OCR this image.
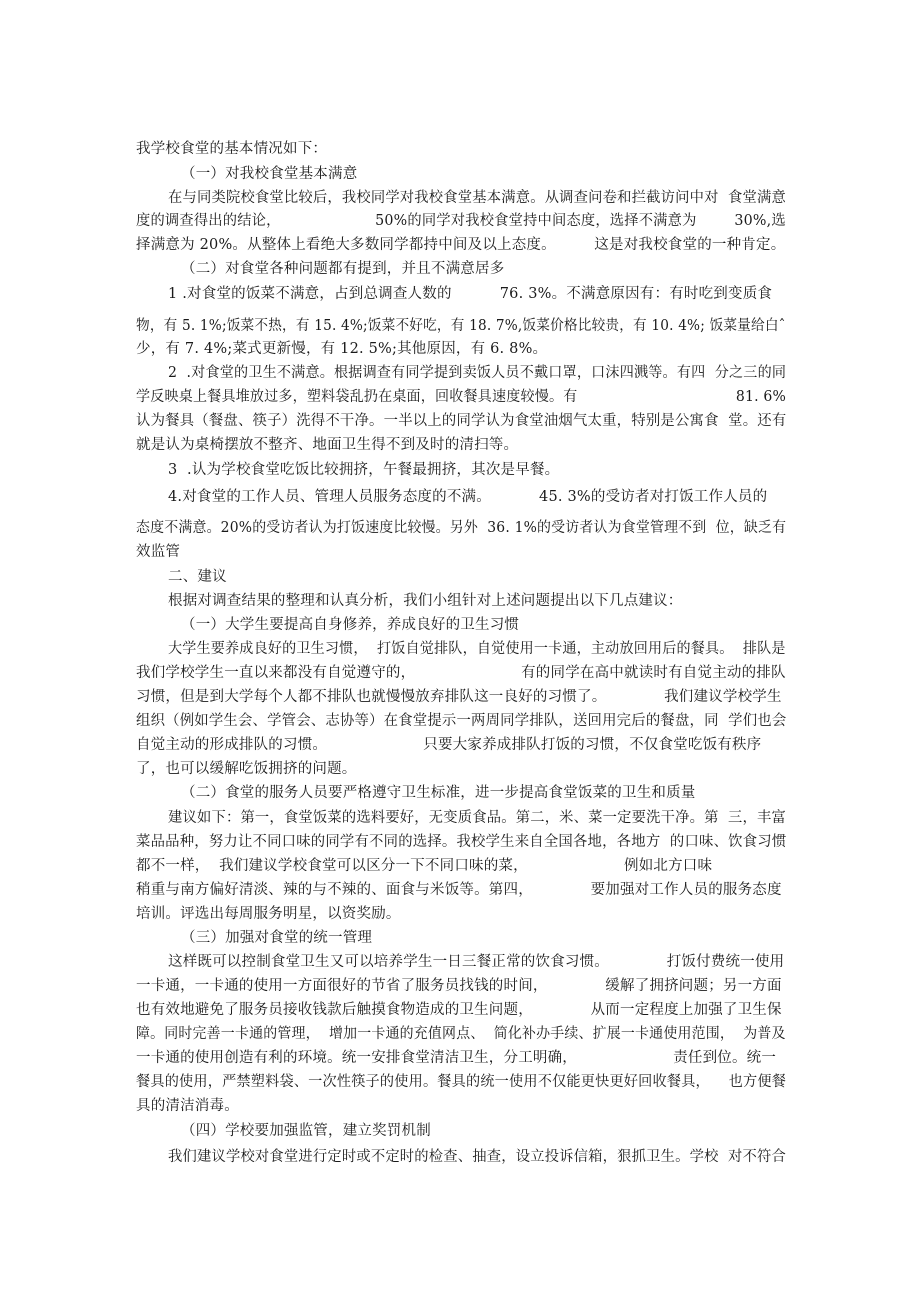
我学校食堂的基本情况如下：
（一）对我校食堂基本满意
在与同类院校食堂比较后，我校同学对我校食堂基本满意。从调查问卷和拦截访问中对  食堂满意
度的调查得出的结论，                    50%的同学对我校食堂持中间态度，选择不满意为        30%,选
择满意为 20%。从整体上看绝大多数同学都持中间及以上态度。        这是对我校食堂的一种肯定。
（二）对食堂各种问题都有提到，并且不满意居多
1 .对食堂的饭菜不满意，占到总调查人数的          76. 3%。不满意原因有：有时吃到变质食
物，有 5. 1%;饭菜不热，有 15. 4%;饭菜不好吃，有 18. 7%,饭菜价格比较贵，有 10. 4%; 饭菜量给白ˆ
少，有 7. 4%;菜式更新慢，有 12. 5%;其他原因，有 6. 8%。
2  .对食堂的卫生不满意。根据调查有同学提到卖饭人员不戴口罩，口沫四溅等。有四  分之三的同
学反映桌上餐具堆放过多，塑料袋乱扔在桌面，回收餐具速度较慢。有                                  81. 6%
认为餐具（餐盘、筷子）洗得不干净。一半以上的同学认为食堂油烟气太重，特别是公寓食  堂。还有
就是认为桌椅摆放不整齐、地面卫生得不到及时的清扫等。
3  .认为学校食堂吃饭比较拥挤，午餐最拥挤，其次是早餐。
4.对食堂的工作人员、管理人员服务态度的不满。          45. 3%的受访者对打饭工作人员的
态度不满意。20%的受访者认为打饭速度比较慢。另外  36. 1%的受访者认为食堂管理不到  位，缺乏有
效监管
二、建议
根据对调查结果的整理和认真分析，我们小组针对上述问题提出以下几点建议：
（一）大学生要提高自身修养，养成良好的卫生习惯
大学生要养成良好的卫生习惯，  打饭自觉排队，自觉使用一卡通，主动放回用后的餐具。  排队是
我们学校学生一直以来都没有自觉遵守的，                      有的同学在高中就读时有自觉主动的排队
习惯，但是到大学每个人都不排队也就慢慢放弃排队这一良好的习惯了。            我们建议学校学生
组织（例如学生会、学管会、志协等）在食堂提示一两周同学排队，送回用完后的餐盘，同  学们也会
自觉主动的形成排队的习惯。                    只要大家养成排队打饭的习惯，不仅食堂吃饭有秩序
了，也可以缓解吃饭拥挤的问题。
（二）食堂的服务人员要严格遵守卫生标准，进一步提高食堂饭菜的卫生和质量
建议如下：第一，食堂饭菜的选料要好，无变质食品。第二，米、菜一定要洗干净。第  三，丰富
菜品品种，努力让不同口味的同学有不同的选择。我校学生来自全国各地，各地方  的口味、饮食习惯
都不一样，  我们建议学校食堂可以区分一下不同口味的菜，                    例如北方口味
稍重与南方偏好清淡、辣的与不辣的、面食与米饭等。第四，            要加强对工作人员的服务态度
培训。评选出每周服务明星，以资奖励。
（三）加强对食堂的统一管理
这样既可以控制食堂卫生又可以培养学生一日三餐正常的饮食习惯。            打饭付费统一使用
一卡通，一卡通的使用一方面很好的节省了服务员找钱的时间，            缓解了拥挤问题；另一方面
也有效地避免了服务员接收钱款后触摸食物造成的卫生问题，            从而一定程度上加强了卫生保
障。同时完善一卡通的管理，  增加一卡通的充值网点、  简化补办手续、扩展一卡通使用范围，  为普及
一卡通的使用创造有利的环境。统一安排食堂清洁卫生，分工明确，                    责任到位。统一
餐具的使用，严禁塑料袋、一次性筷子的使用。餐具的统一使用不仅能更快更好回收餐具，    也方便餐
具的清洁消毒。
（四）学校要加强监管，建立奖罚机制
我们建议学校对食堂进行定时或不定时的检查、抽查，设立投诉信箱，狠抓卫生。学校  对不符合
